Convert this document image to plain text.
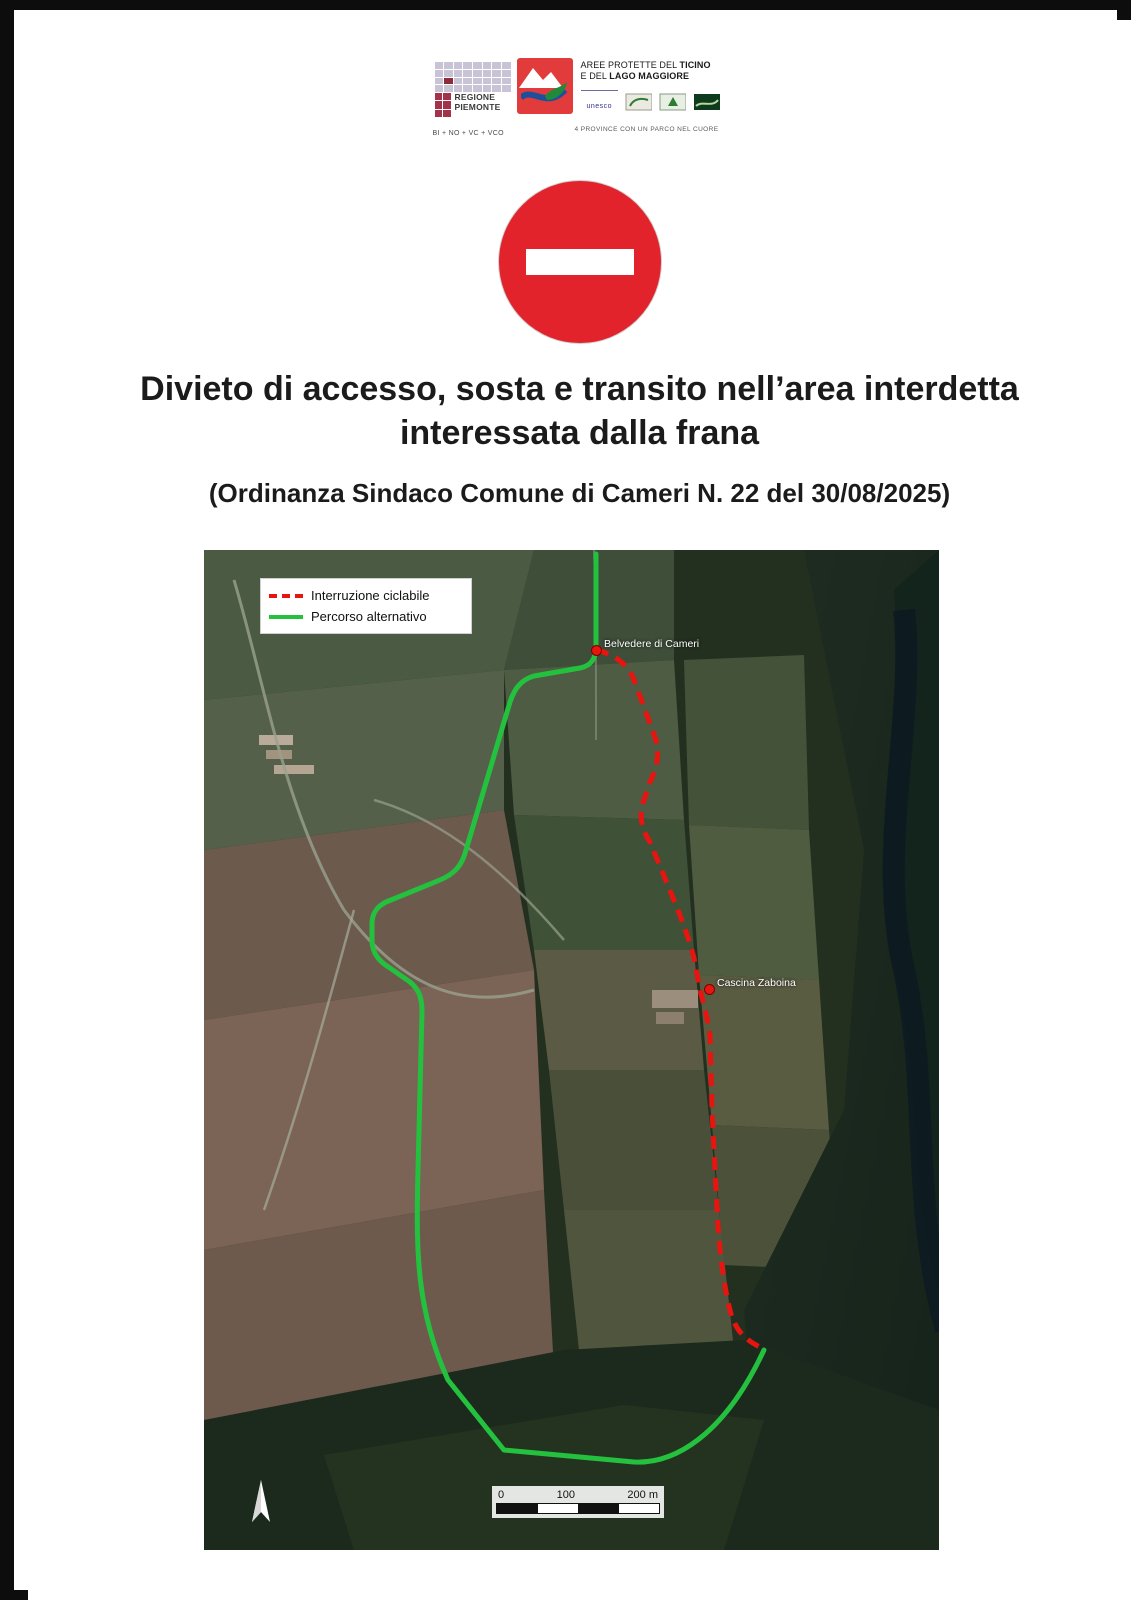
REGIONE
PIEMONTE
BI + NO + VC + VCO
AREE PROTETTE DEL TICINO
E DEL LAGO MAGGIORE
unesco
4 PROVINCE CON UN PARCO NEL CUORE
Divieto di accesso, sosta e transito nell’area interdetta interessata dalla frana
(Ordinanza Sindaco Comune di Cameri N. 22 del 30/08/2025)
Interruzione ciclabile
Percorso alternativo
Belvedere di Cameri
Cascina Zaboina
0	100	200 m
